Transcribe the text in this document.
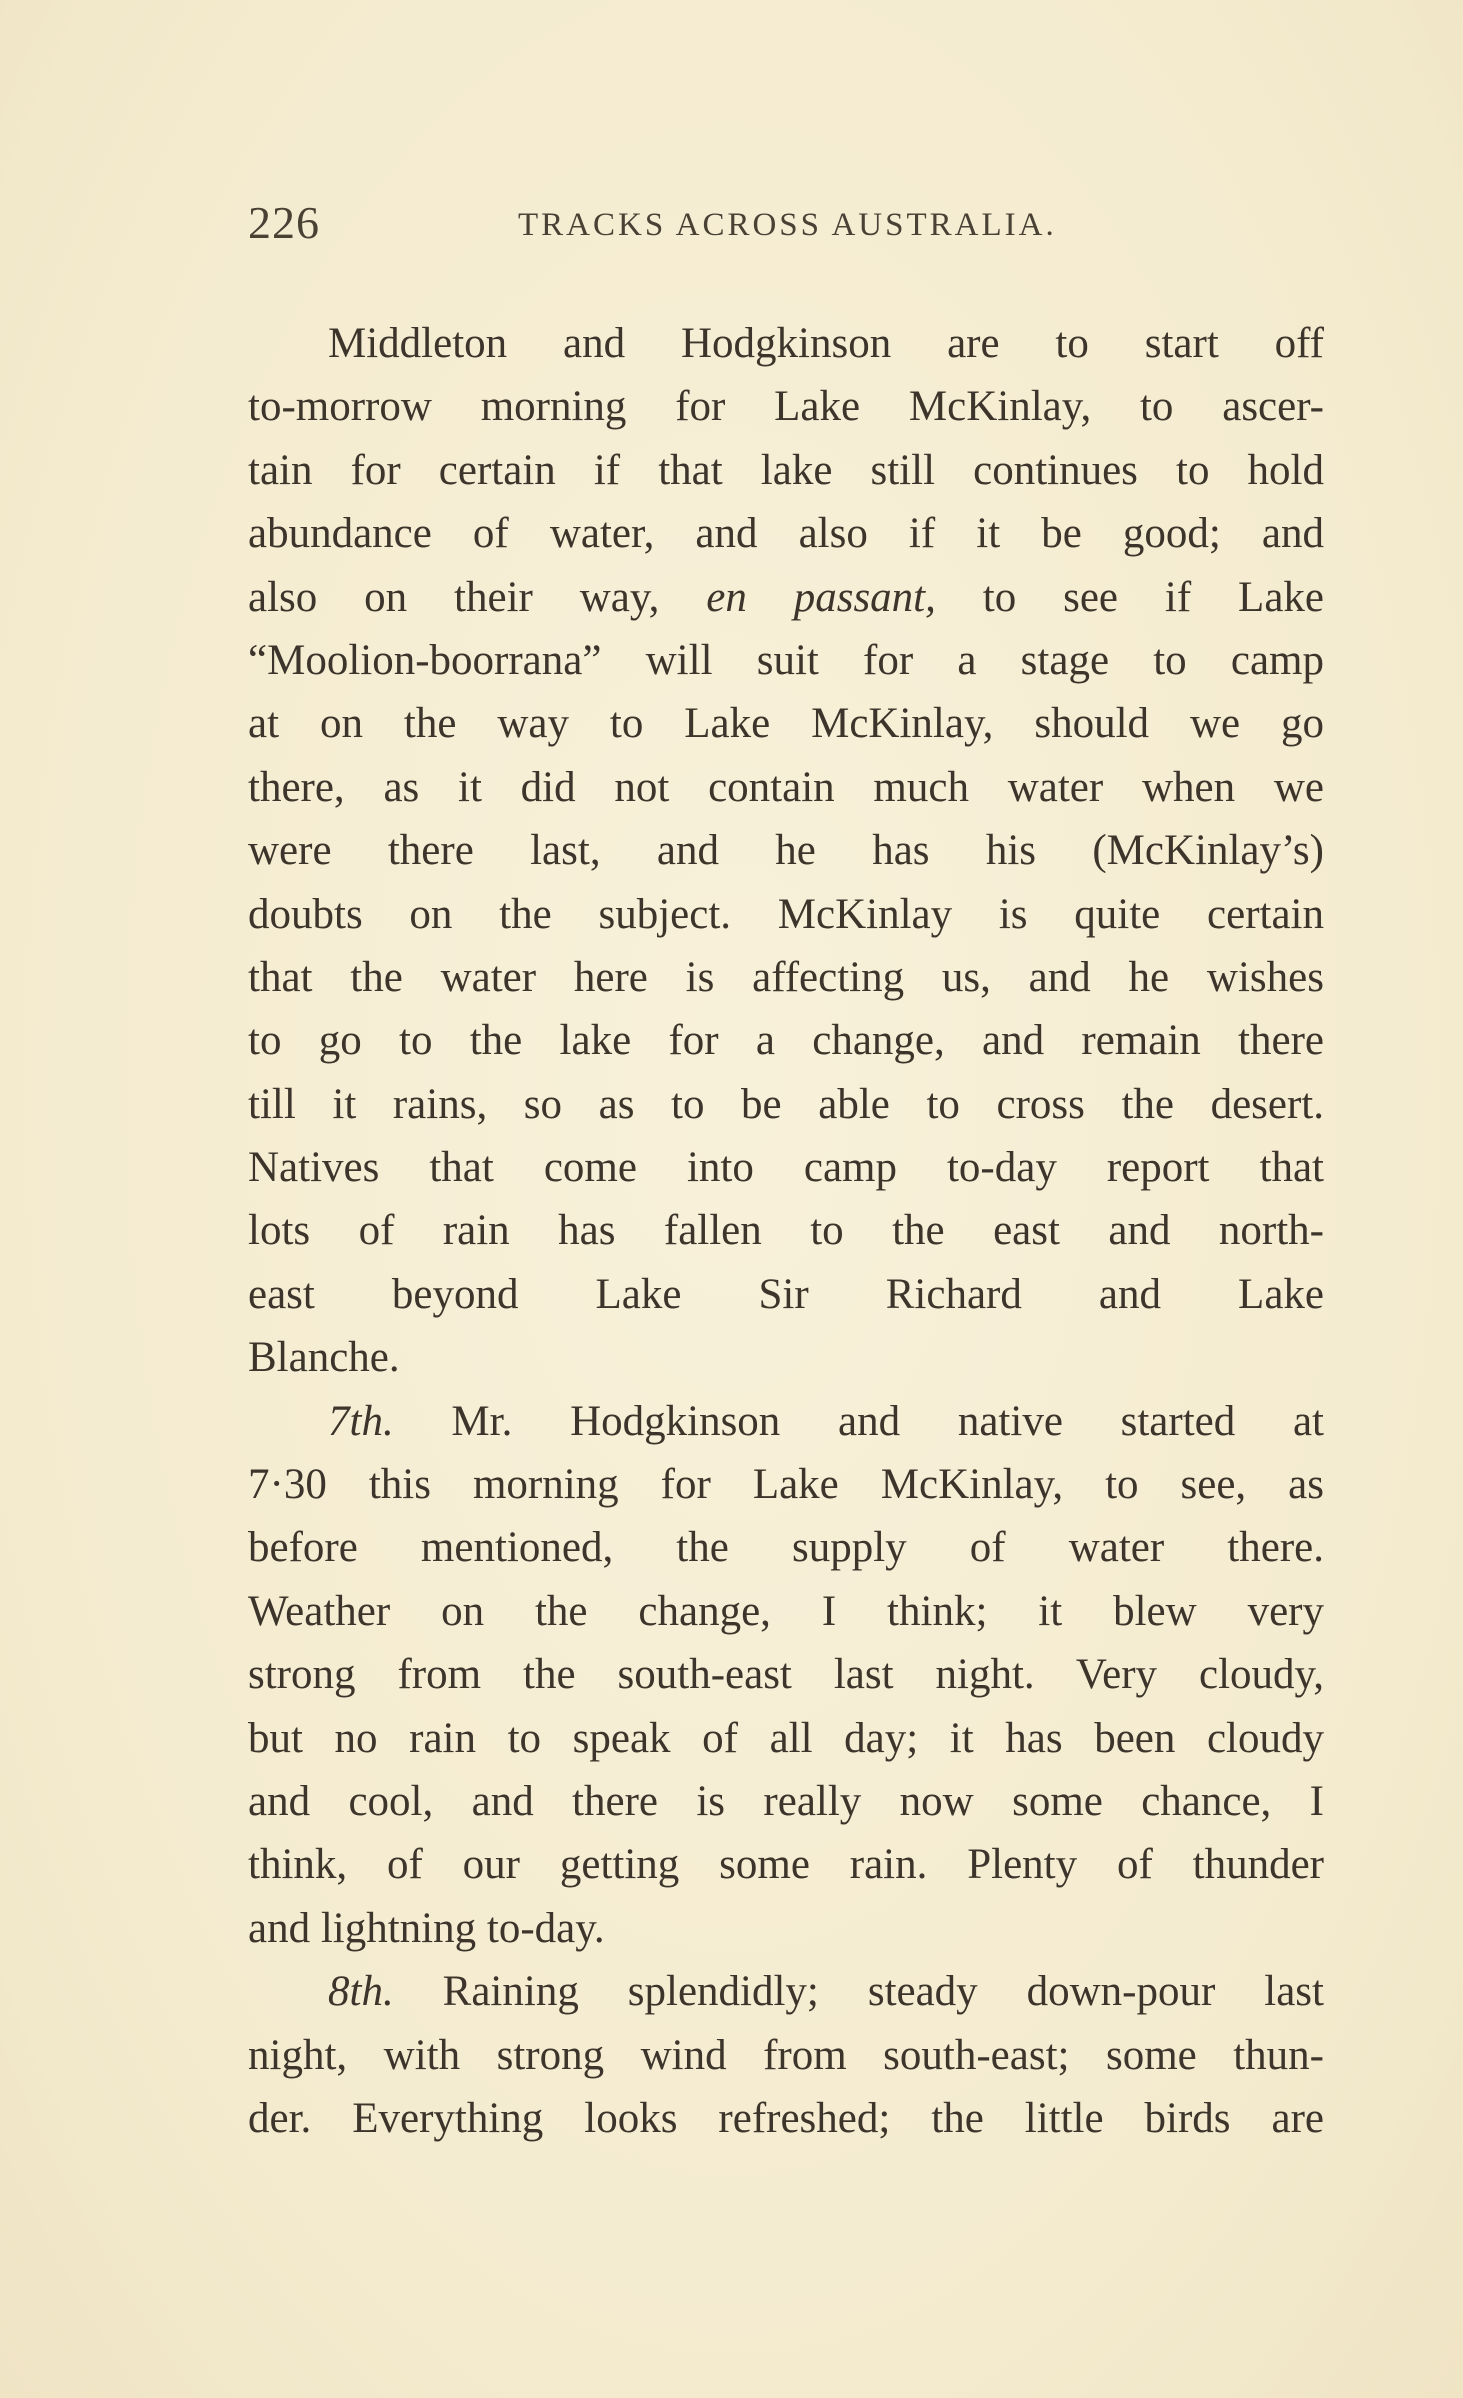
226	TRACKS ACROSS AUSTRALIA.
Middleton and Hodgkinson are to start off
to-morrow morning for Lake McKinlay, to ascer-
tain for certain if that lake still continues to hold
abundance of water, and also if it be good; and
also on their way, en passant, to see if Lake
“Moolion-boorrana” will suit for a stage to camp
at on the way to Lake McKinlay, should we go
there, as it did not contain much water when we
were there last, and he has his (McKinlay’s)
doubts on the subject. McKinlay is quite certain
that the water here is affecting us, and he wishes
to go to the lake for a change, and remain there
till it rains, so as to be able to cross the desert.
Natives that come into camp to-day report that
lots of rain has fallen to the east and north-
east beyond Lake Sir Richard and Lake
Blanche.
7th. Mr. Hodgkinson and native started at
7·30 this morning for Lake McKinlay, to see, as
before mentioned, the supply of water there.
Weather on the change, I think; it blew very
strong from the south-east last night. Very cloudy,
but no rain to speak of all day; it has been cloudy
and cool, and there is really now some chance, I
think, of our getting some rain. Plenty of thunder
and lightning to-day.
8th. Raining splendidly; steady down-pour last
night, with strong wind from south-east; some thun-
der. Everything looks refreshed; the little birds are
